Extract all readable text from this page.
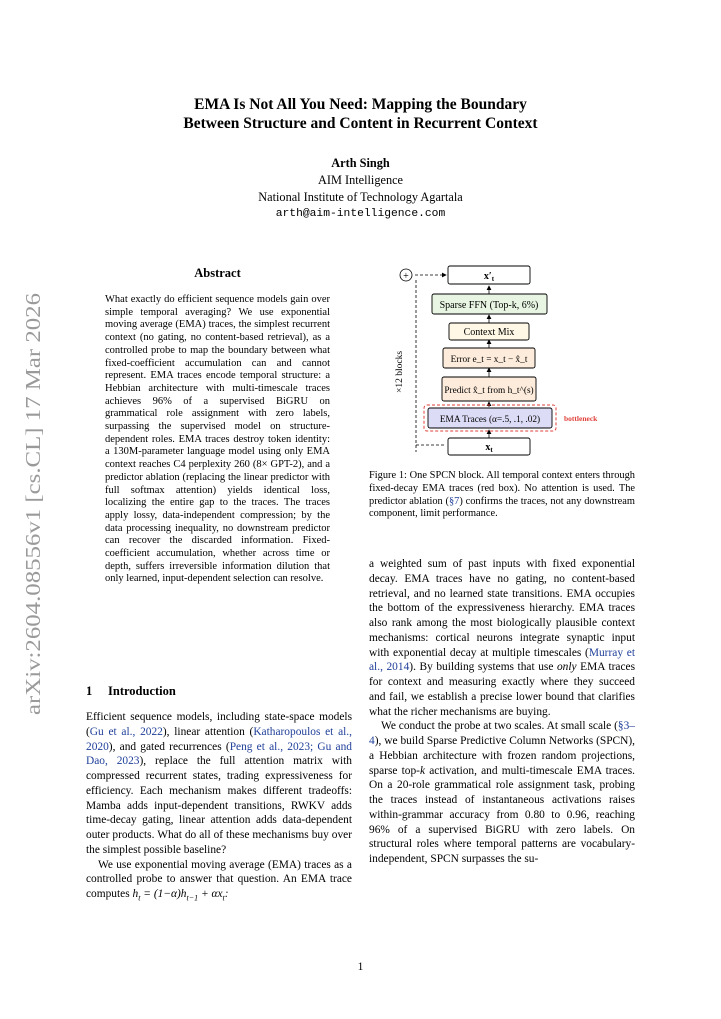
arXiv:2604.08556v1 [cs.CL] 17 Mar 2026
EMA Is Not All You Need: Mapping the Boundary
Between Structure and Content in Recurrent Context
Arth Singh
AIM Intelligence
National Institute of Technology Agartala
arth@aim-intelligence.com
Abstract

What exactly do efficient sequence models gain over simple temporal averaging? We use exponential moving average (EMA) traces, the simplest recurrent context (no gating, no content-based retrieval), as a controlled probe to map the boundary between what fixed-coefficient accumulation can and cannot represent. EMA traces encode temporal structure: a Hebbian architecture with multi-timescale traces achieves 96% of a supervised BiGRU on grammatical role assignment with zero labels, surpassing the supervised model on structure-dependent roles. EMA traces destroy token identity: a 130M-parameter language model using only EMA context reaches C4 perplexity 260 (8× GPT-2), and a predictor ablation (replacing the linear predictor with full softmax attention) yields identical loss, localizing the entire gap to the traces. The traces apply lossy, data-independent compression; by the data processing inequality, no downstream predictor can recover the discarded information. Fixed-coefficient accumulation, whether across time or depth, suffers irreversible information dilution that only learned, input-dependent selection can resolve.

1 Introduction

Efficient sequence models, including state-space models (Gu et al., 2022), linear attention (Katharopoulos et al., 2020), and gated recurrences (Peng et al., 2023; Gu and Dao, 2023), replace the full attention matrix with compressed recurrent states, trading expressiveness for efficiency. Each mechanism makes different tradeoffs: Mamba adds input-dependent transitions, RWKV adds time-decay gating, linear attention adds data-dependent outer products. What do all of these mechanisms buy over the simplest possible baseline?

We use exponential moving average (EMA) traces as a controlled probe to answer that question. An EMA trace computes $h_t = (1-\alpha)h_{t-1} + \alpha x_t$:

+
×12 blocks
$x'_t$
Sparse FFN (Top-k, 6%)
Context Mix
Error e_t = x_t − x̂_t
Predict x̂_t from h_t^(s)
EMA Traces (α=.5, .1, .02)	bottleneck
$x_t$

Figure 1: One SPCN block. All temporal context enters through fixed-decay EMA traces (red box). No attention is used. The predictor ablation (§7) confirms the traces, not any downstream component, limit performance.

a weighted sum of past inputs with fixed exponential decay. EMA traces have no gating, no content-based retrieval, and no learned state transitions. EMA occupies the bottom of the expressiveness hierarchy. EMA traces also rank among the most biologically plausible context mechanisms: cortical neurons integrate synaptic input with exponential decay at multiple timescales (Murray et al., 2014). By building systems that use only EMA traces for context and measuring exactly where they succeed and fail, we establish a precise lower bound that clarifies what the richer mechanisms are buying.

We conduct the probe at two scales. At small scale (§3–4), we build Sparse Predictive Column Networks (SPCN), a Hebbian architecture with frozen random projections, sparse top-k activation, and multi-timescale EMA traces. On a 20-role grammatical role assignment task, probing the traces instead of instantaneous activations raises within-grammar accuracy from 0.80 to 0.96, reaching 96% of a supervised BiGRU with zero labels. On structural roles where temporal patterns are vocabulary-independent, SPCN surpasses the su-

1
